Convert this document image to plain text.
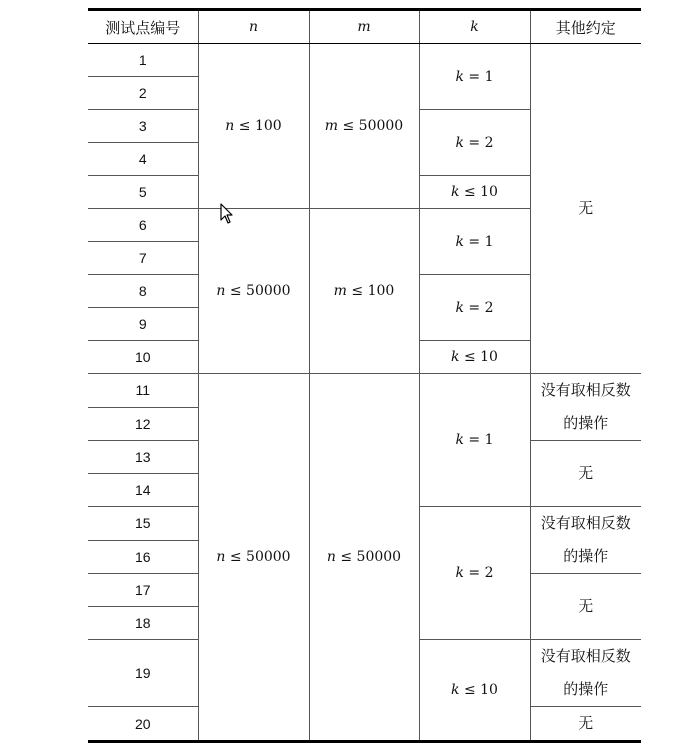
测试点编号	n	m	k	其他约定
1	n ≤ 100	m ≤ 50000	k = 1	无

2				
3			k = 2	
4				
5			k ≤ 10	
6	n ≤ 50000	m ≤ 100	k = 1	
7				
8			k = 2	
9				
10			k ≤ 10	
11	n ≤ 50000	n ≤ 50000	k = 1	没有取相反数
的操作

12				
13				无

14				
15			k = 2	没有取相反数
的操作

16				
17				无

18				
19			k ≤ 10	没有取相反数
的操作

20				无
